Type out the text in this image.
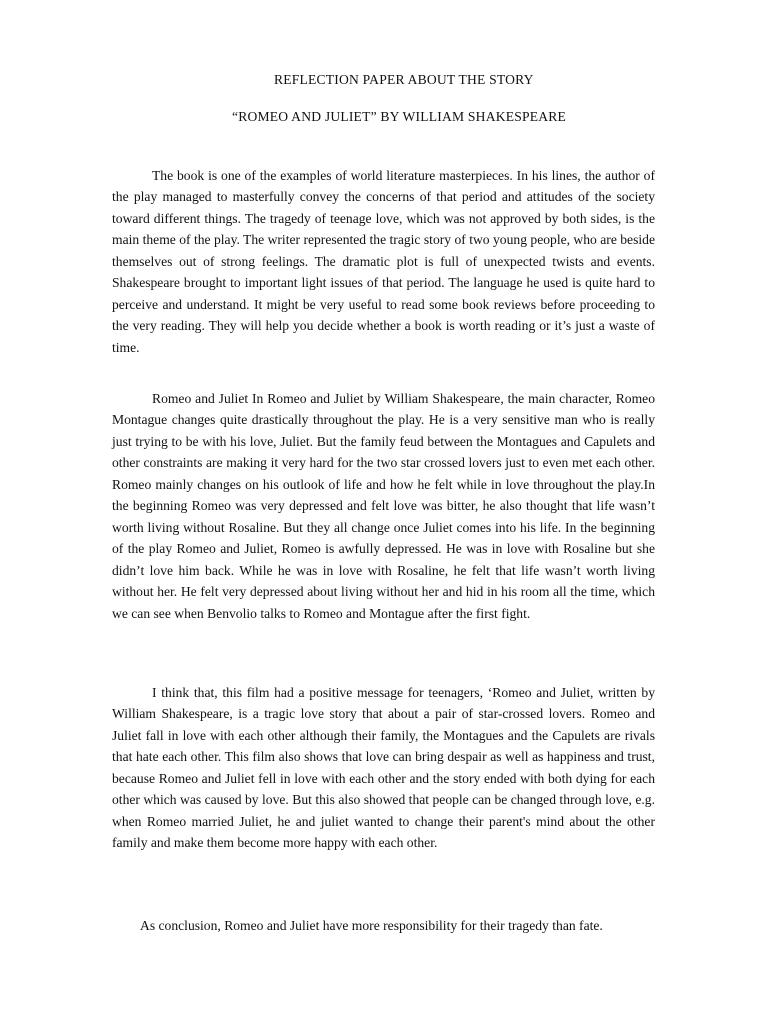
REFLECTION PAPER ABOUT THE STORY
“ROMEO AND JULIET” BY WILLIAM SHAKESPEARE

The book is one of the examples of world literature masterpieces. In his lines, the author of the play managed to masterfully convey the concerns of that period and attitudes of the society toward different things. The tragedy of teenage love, which was not approved by both sides, is the main theme of the play. The writer represented the tragic story of two young people, who are beside themselves out of strong feelings. The dramatic plot is full of unexpected twists and events. Shakespeare brought to important light issues of that period. The language he used is quite hard to perceive and understand. It might be very useful to read some book reviews before proceeding to the very reading. They will help you decide whether a book is worth reading or it’s just a waste of time.

Romeo and Juliet In Romeo and Juliet by William Shakespeare, the main character, Romeo Montague changes quite drastically throughout the play. He is a very sensitive man who is really just trying to be with his love, Juliet. But the family feud between the Montagues and Capulets and other constraints are making it very hard for the two star crossed lovers just to even met each other. Romeo mainly changes on his outlook of life and how he felt while in love throughout the play.In the beginning Romeo was very depressed and felt love was bitter, he also thought that life wasn’t worth living without Rosaline. But they all change once Juliet comes into his life. In the beginning of the play Romeo and Juliet, Romeo is awfully depressed. He was in love with Rosaline but she didn’t love him back. While he was in love with Rosaline, he felt that life wasn’t worth living without her. He felt very depressed about living without her and hid in his room all the time, which we can see when Benvolio talks to Romeo and Montague after the first fight.

I think that, this film had a positive message for teenagers, ‘Romeo and Juliet, written by William Shakespeare, is a tragic love story that about a pair of star-crossed lovers. Romeo and Juliet fall in love with each other although their family, the Montagues and the Capulets are rivals that hate each other. This film also shows that love can bring despair as well as happiness and trust, because Romeo and Juliet fell in love with each other and the story ended with both dying for each other which was caused by love. But this also showed that people can be changed through love, e.g. when Romeo married Juliet, he and juliet wanted to change their parent's mind about the other family and make them become more happy with each other.

As conclusion, Romeo and Juliet have more responsibility for their tragedy than fate.
